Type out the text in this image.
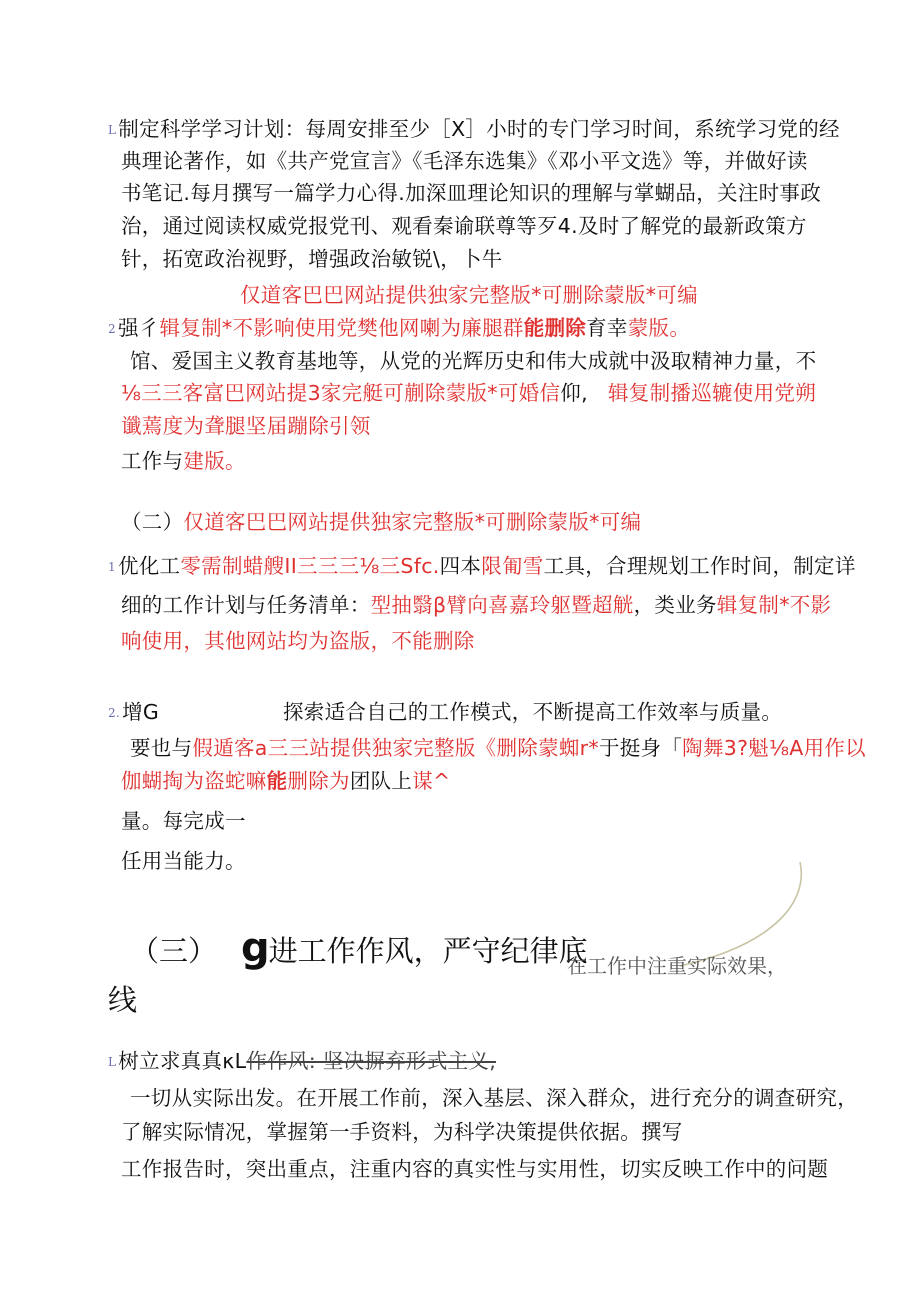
L制定科学学习计划：每周安排至少［X］小时的专门学习时间，系统学习党的经
典理论著作，如《共产党宣言》《毛泽东选集》《邓小平文选》等，并做好读
书笔记.每月撰写一篇学力心得.加深皿理论知识的理解与掌蝴品，关注时事政
治，通过阅读权威党报党刊、观看秦谕联尊等歹4.及时了解党的最新政策方
针，拓宽政治视野，增强政治敏锐\，卜牛
仅道客巴巴网站提供独家完整版*可删除蒙版*可编
2强彳辑复制*不影响使用党樊他网喇为廉腿群能删除育幸蒙版。
馆、爱国主义教育基地等，从党的光辉历史和伟大成就中汲取精神力量，不
⅛三三客富巴网站提3家完艇可蒯除蒙版*可婚信仰, 辑复制播巡辘使用党朔
谶蔫度为聋腿坚届蹦除引领
工作与建版。
（二）仅道客巴巴网站提供独家完整版*可删除蒙版*可编
1优化工零需制蜡艘II三三三⅛三Sfc.四本限匍雪工具，合理规划工作时间，制定详
细的工作计划与任务清单：型抽翳β臂向喜嘉玲躯暨超觥，类业务辑复制*不影
响使用，其他网站均为盗版，不能删除
2.增G	探索适合自己的工作模式，不断提高工作效率与质量。
要也与假遁客a三三站提供独家完整版《删除蒙蜘r*于挺身「陶舞3?魁⅛A用作以
伽蝴掏为盗蛇嘛能删除为团队上谋^
量。每完成一
任用当能力。
（三） g进工作作风，严守纪律底
在工作中注重实际效果，
线
L树立求真真κL作作风: 坚决摒弃形式主义,
一切从实际出发。在开展工作前，深入基层、深入群众，进行充分的调查研究，
了解实际情况，掌握第一手资料，为科学决策提供依据。撰写
工作报告时，突出重点，注重内容的真实性与实用性，切实反映工作中的问题
